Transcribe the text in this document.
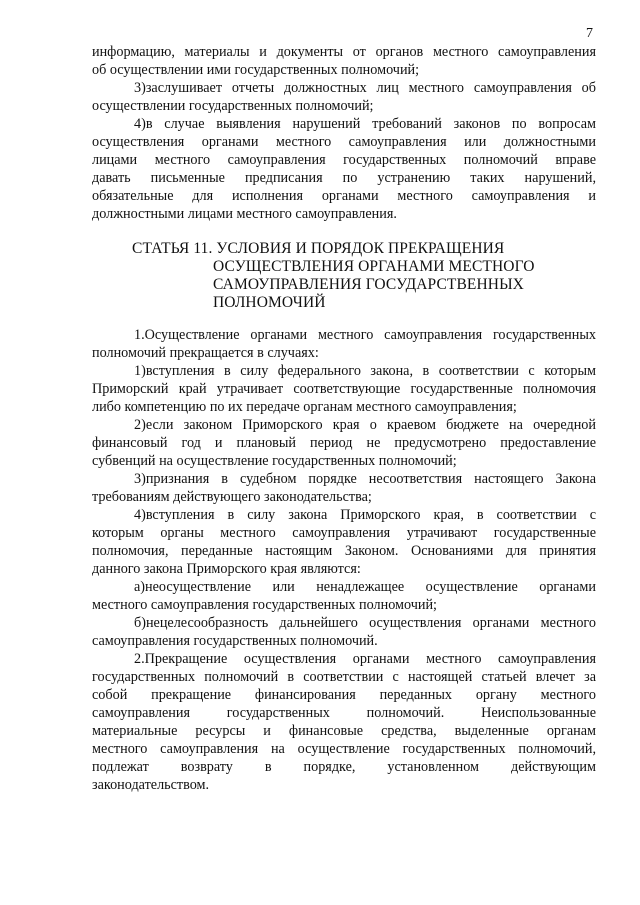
7
информацию, материалы и документы от органов местного самоуправления
об осуществлении ими государственных полномочий;
3)заслушивает отчеты должностных лиц местного самоуправления об
осуществлении государственных полномочий;
4)в случае выявления нарушений требований законов по вопросам
осуществления органами местного самоуправления или должностными
лицами местного самоуправления государственных полномочий вправе
давать письменные предписания по устранению таких нарушений,
обязательные для исполнения органами местного самоуправления и
должностными лицами местного самоуправления.
СТАТЬЯ 11. УСЛОВИЯ И ПОРЯДОК ПРЕКРАЩЕНИЯ
ОСУЩЕСТВЛЕНИЯ ОРГАНАМИ МЕСТНОГО
САМОУПРАВЛЕНИЯ ГОСУДАРСТВЕННЫХ
ПОЛНОМОЧИЙ
1.Осуществление органами местного самоуправления государственных
полномочий прекращается в случаях:
1)вступления в силу федерального закона, в соответствии с которым
Приморский край утрачивает соответствующие государственные полномочия
либо компетенцию по их передаче органам местного самоуправления;
2)если законом Приморского края о краевом бюджете на очередной
финансовый год и плановый период не предусмотрено предоставление
субвенций на осуществление государственных полномочий;
3)признания в судебном порядке несоответствия настоящего Закона
требованиям действующего законодательства;
4)вступления в силу закона Приморского края, в соответствии с
которым органы местного самоуправления утрачивают государственные
полномочия, переданные настоящим Законом. Основаниями для принятия
данного закона Приморского края являются:
а)неосуществление или ненадлежащее осуществление органами
местного самоуправления государственных полномочий;
б)нецелесообразность дальнейшего осуществления органами местного
самоуправления государственных полномочий.
2.Прекращение осуществления органами местного самоуправления
государственных полномочий в соответствии с настоящей статьей влечет за
собой прекращение финансирования переданных органу местного
самоуправления государственных полномочий. Неиспользованные
материальные ресурсы и финансовые средства, выделенные органам
местного самоуправления на осуществление государственных полномочий,
подлежат возврату в порядке, установленном действующим
законодательством.
